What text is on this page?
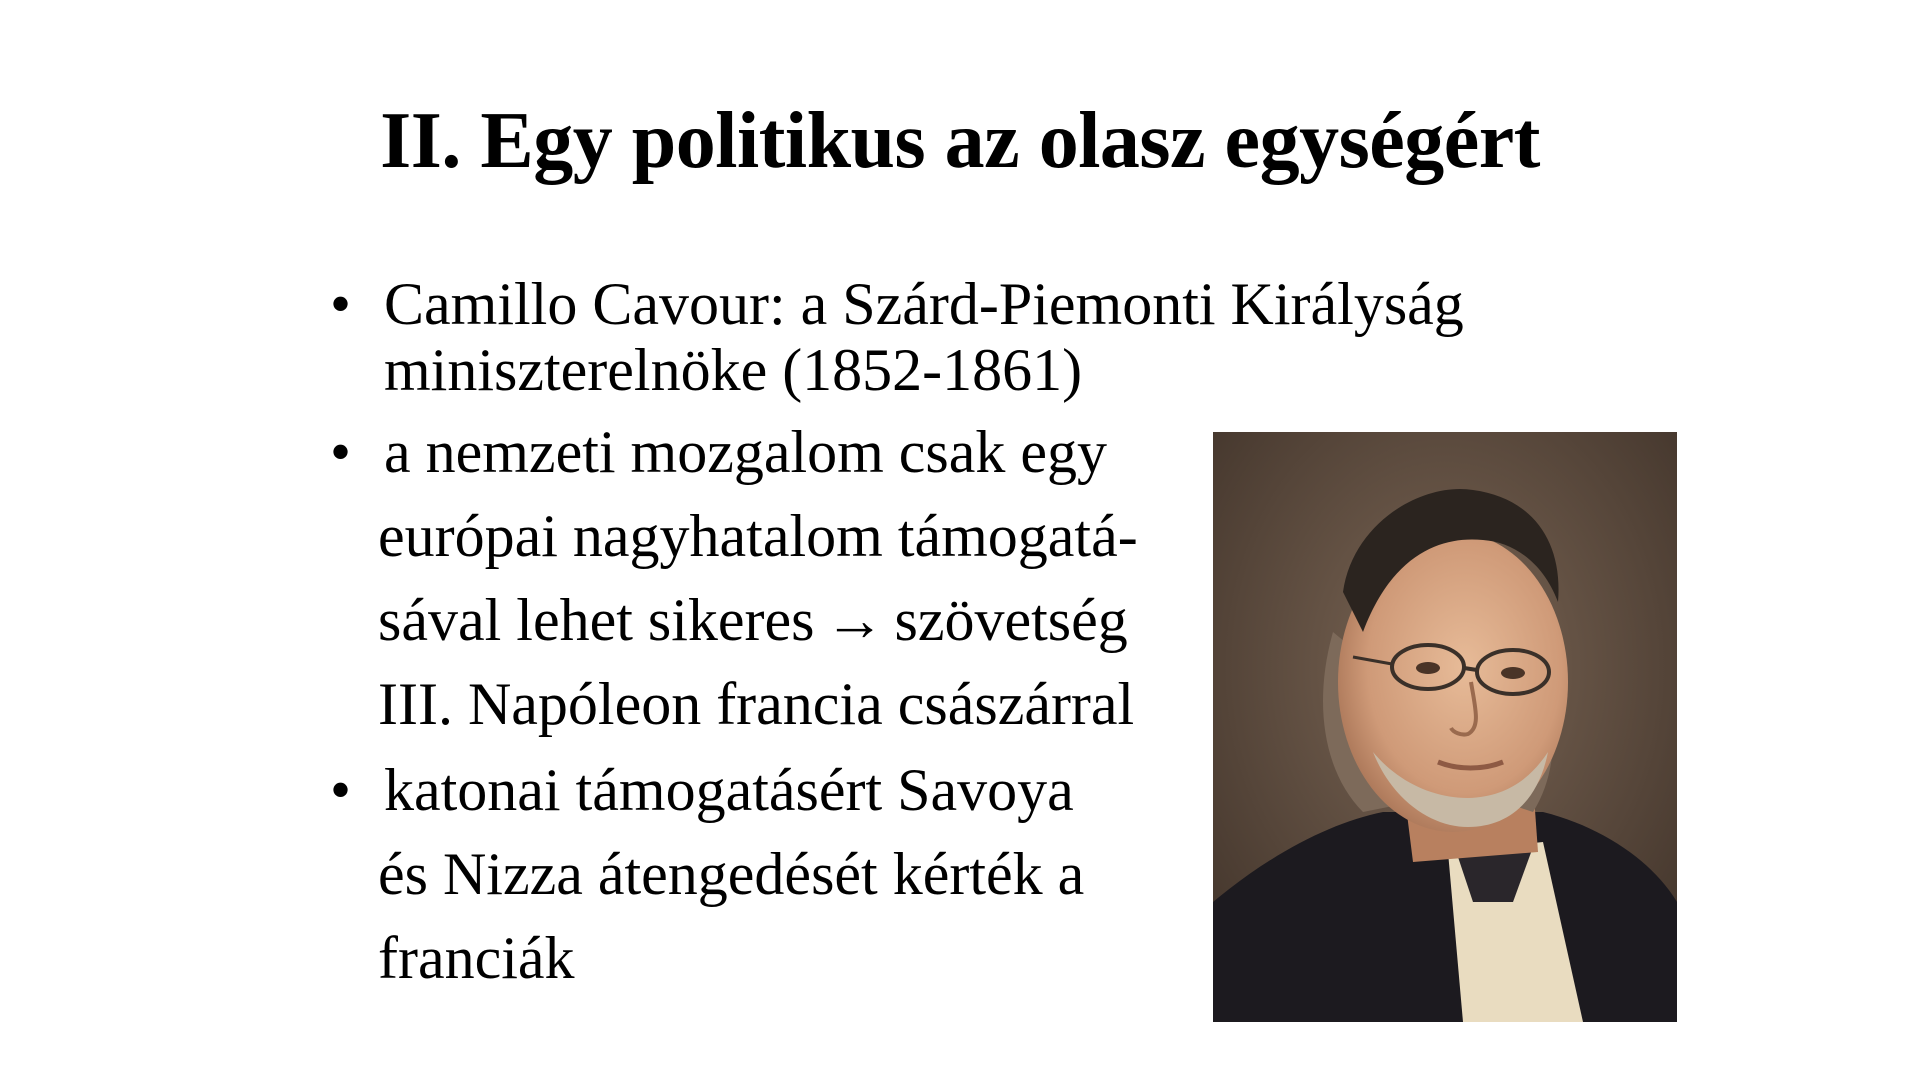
II. Egy politikus az olasz egységért
• Camillo Cavour: a Szárd-Piemonti Királyság
miniszterelnöke (1852-1861)
• a nemzeti mozgalom csak egy
európai nagyhatalom támogatá-
sával lehet sikeres → szövetség
III. Napóleon francia császárral
• katonai támogatásért Savoya
és Nizza átengedését kérték a
franciák
